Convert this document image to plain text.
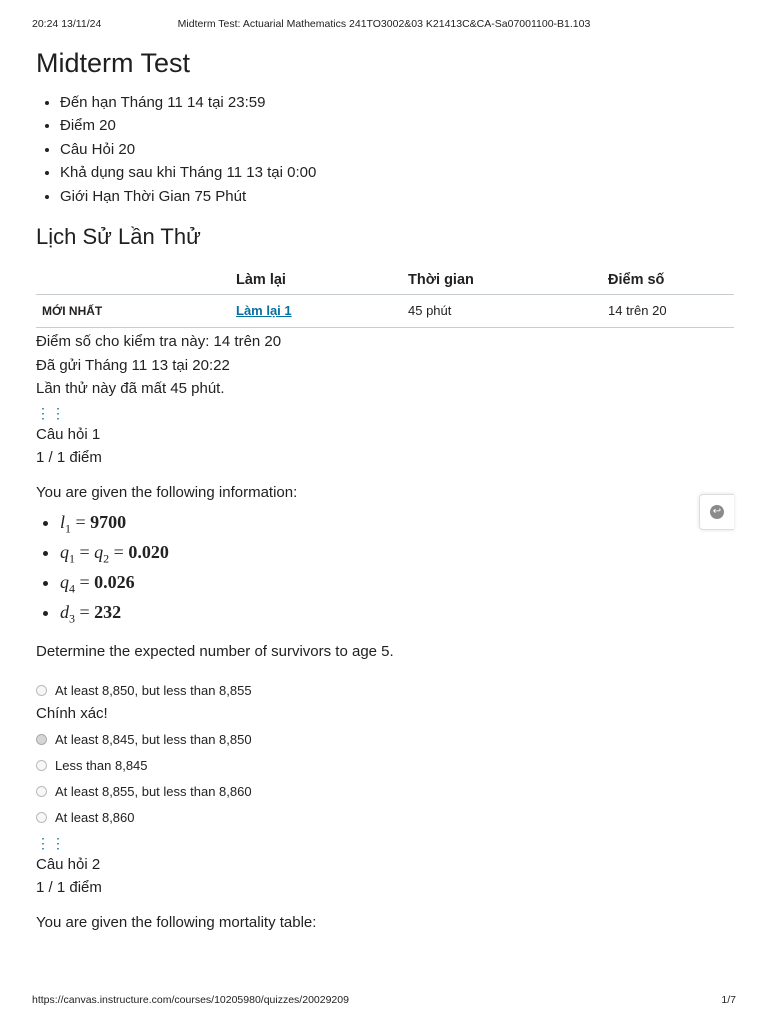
20:24 13/11/24	Midterm Test: Actuarial Mathematics 241TO3002&03 K21413C&CA-Sa07001100-B1.103
Midterm Test
• Đến hạn Tháng 11 14 tại 23:59
• Điểm 20
• Câu Hỏi 20
• Khả dụng sau khi Tháng 11 13 tại 0:00
• Giới Hạn Thời Gian 75 Phút
Lịch Sử Lần Thử
	Làm lại	Thời gian	Điểm số
MỚI NHẤT	Làm lại 1	45 phút	14 trên 20
Điểm số cho kiểm tra này: 14 trên 20
Đã gửi Tháng 11 13 tại 20:22
Lần thử này đã mất 45 phút.
⋮⋮
Câu hỏi 1
1 / 1 điểm
You are given the following information:
• $l_1 = 9700$
• $q_1 = q_2 = 0.020$
• $q_4 = 0.026$
• $d_3 = 232$
Determine the expected number of survivors to age 5.
At least 8,850, but less than 8,855
Chính xác!
At least 8,845, but less than 8,850
Less than 8,845
At least 8,855, but less than 8,860
At least 8,860
⋮⋮
Câu hỏi 2
1 / 1 điểm
You are given the following mortality table:
↩
https://canvas.instructure.com/courses/10205980/quizzes/20029209	1/7
